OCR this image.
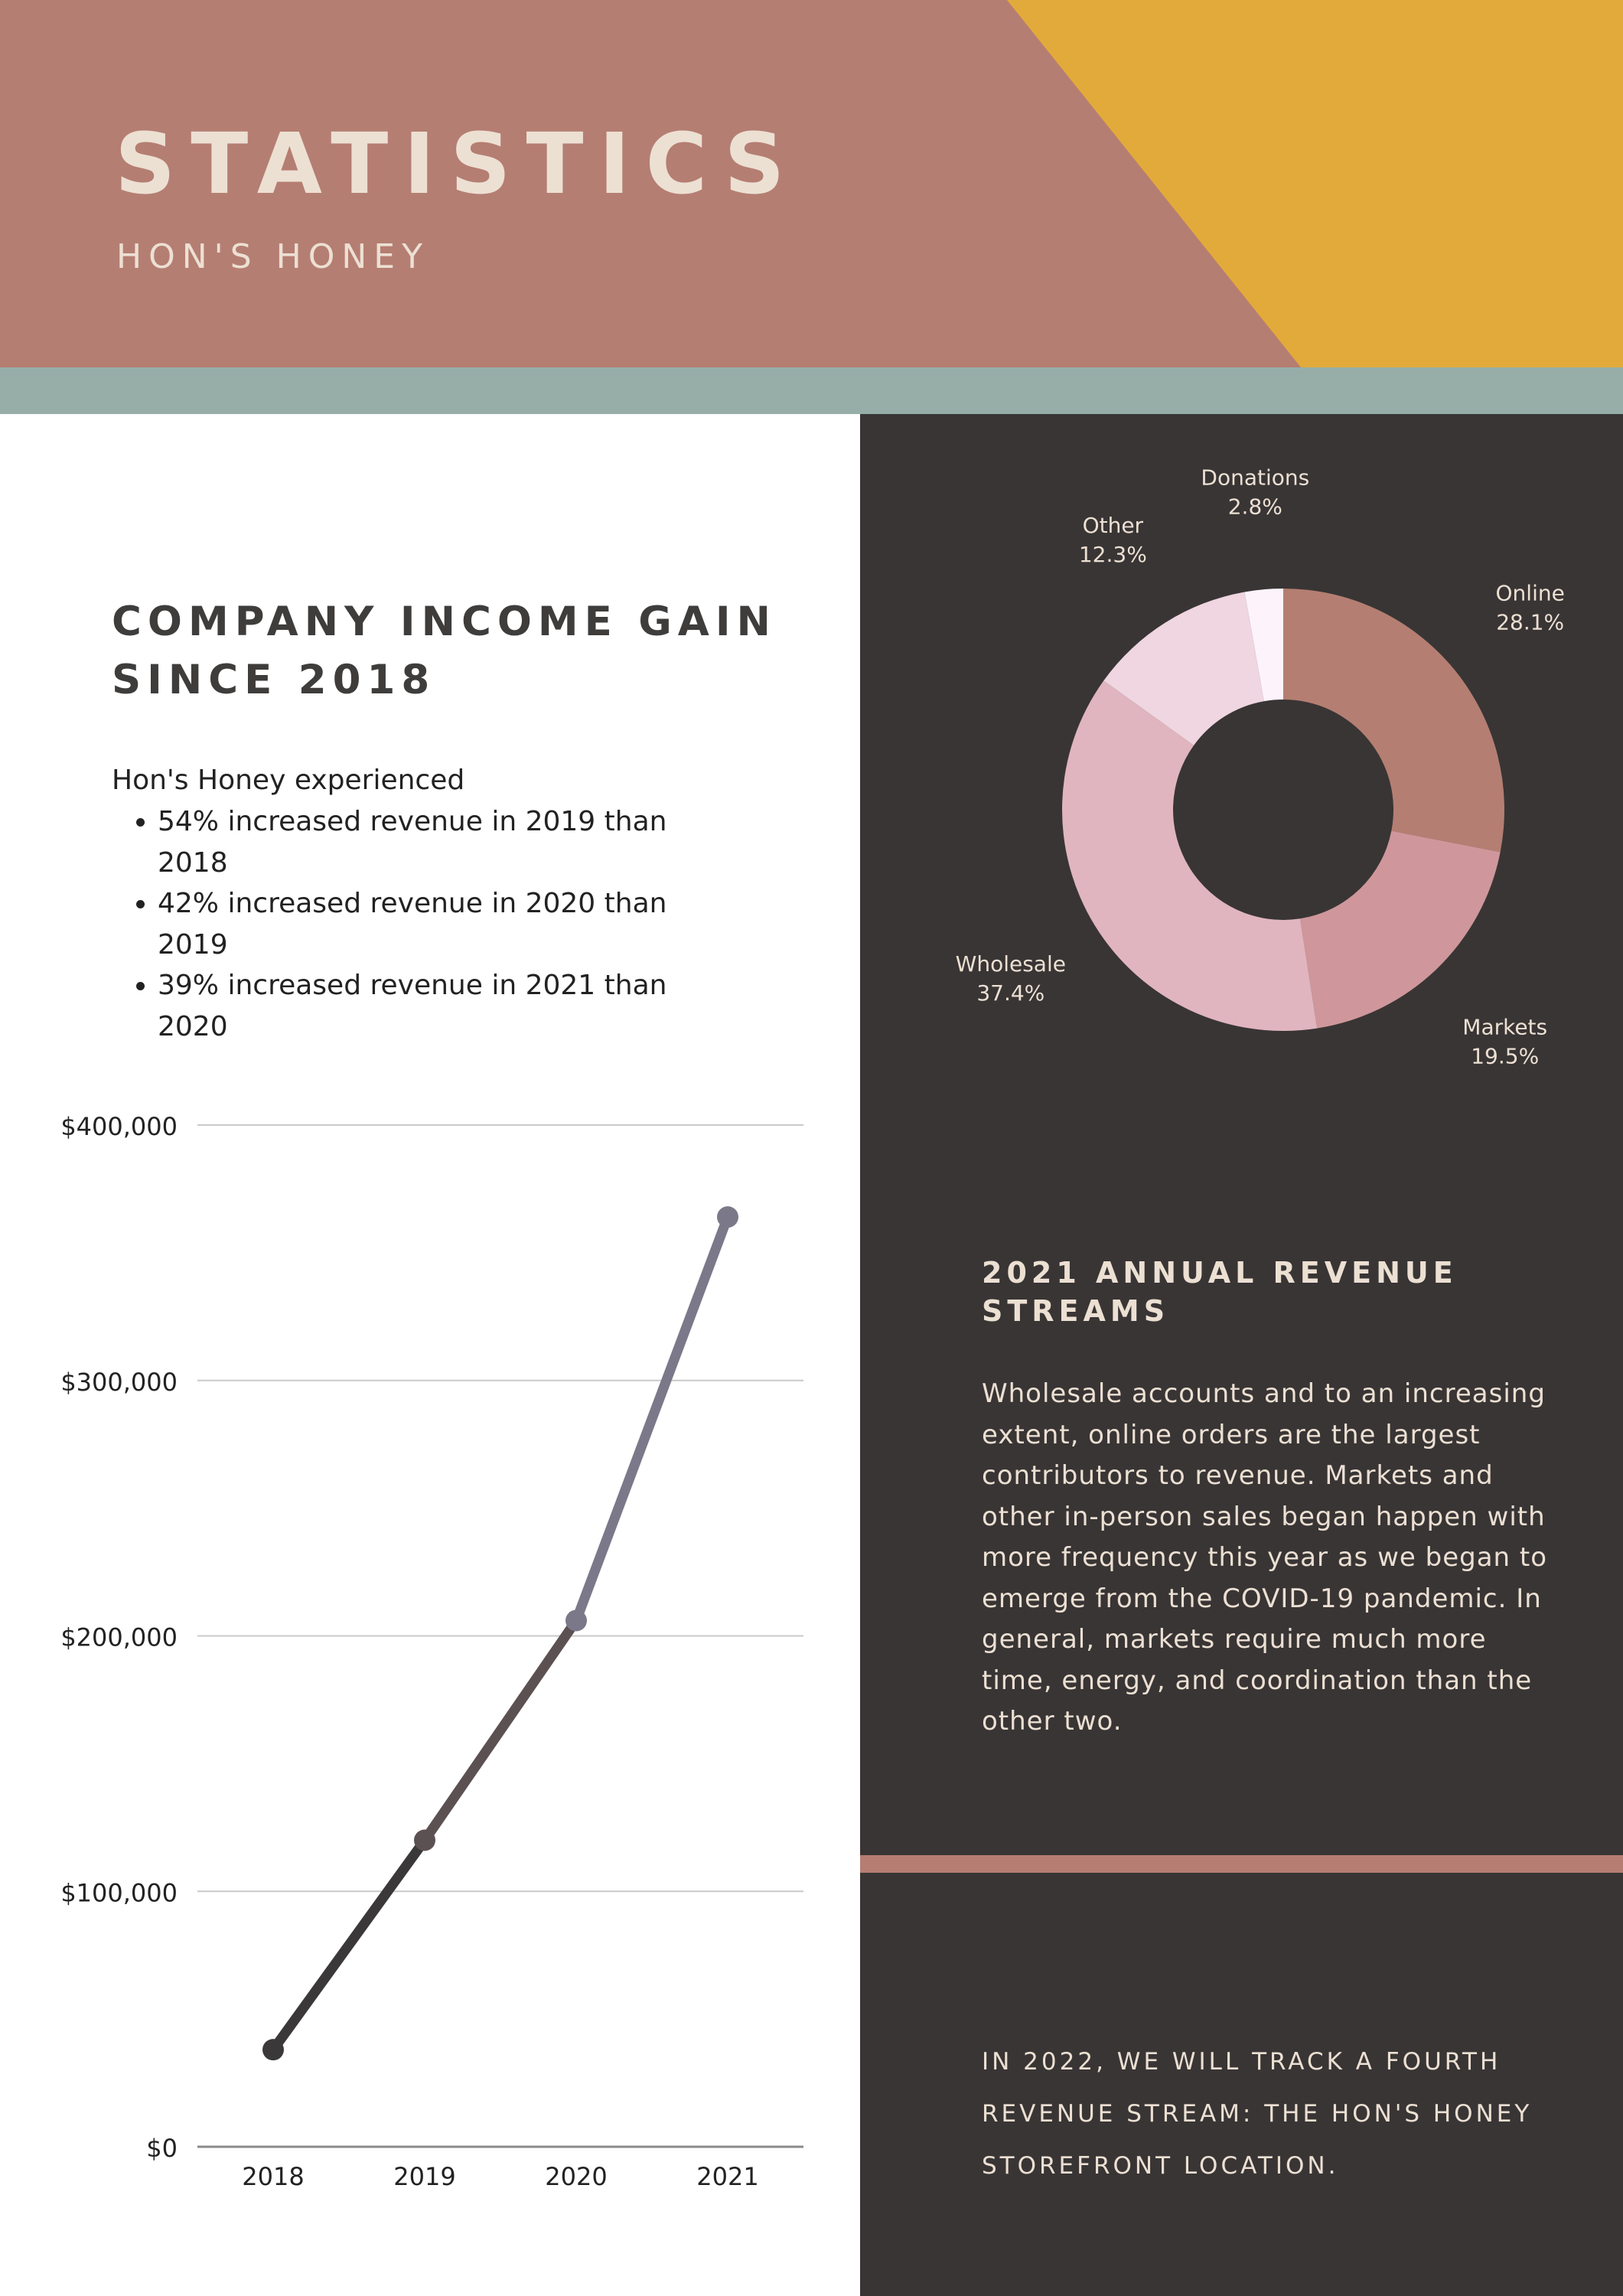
STATISTICS
HON'S HONEY
COMPANY INCOME GAIN SINCE 2018
Hon's Honey experienced
• 54% increased revenue in 2019 than 2018
• 42% increased revenue in 2020 than 2019
• 39% increased revenue in 2021 than 2020
$0
$100,000
$200,000
$300,000
$400,000
2018	2019	2020	2021
Online
28.1%
Markets
19.5%
Wholesale
37.4%
Other
12.3%
Donations
2.8%
2021 ANNUAL REVENUE STREAMS

Wholesale accounts and to an increasing extent, online orders are the largest contributors to revenue. Markets and other in-person sales began happen with more frequency this year as we began to emerge from the COVID-19 pandemic. In general, markets require much more time, energy, and coordination than the other two.

IN 2022, WE WILL TRACK A FOURTH REVENUE STREAM: THE HON'S HONEY STOREFRONT LOCATION.
